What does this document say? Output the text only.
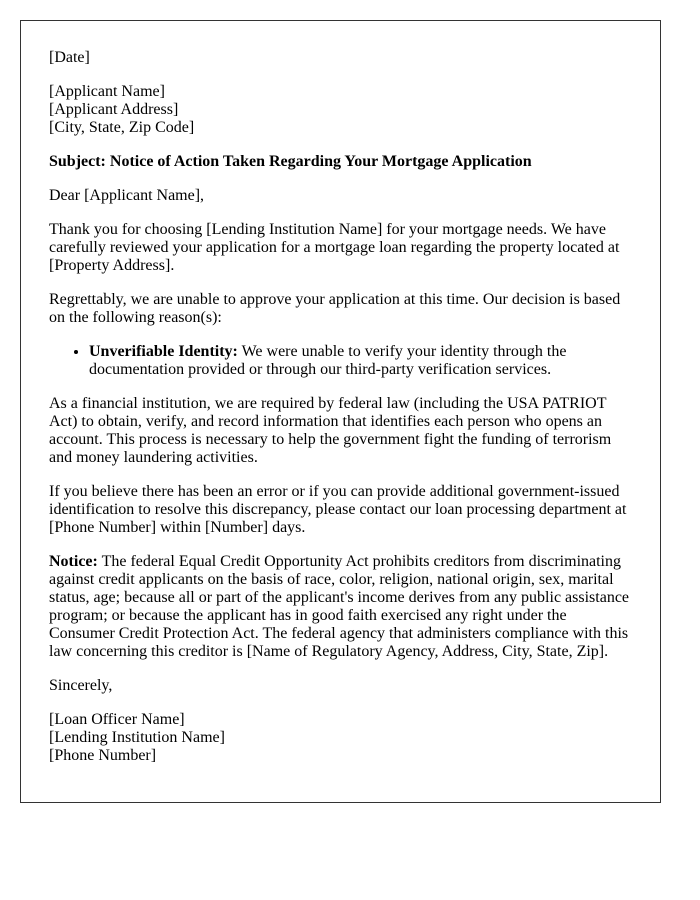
[Date]

[Applicant Name]
[Applicant Address]
[City, State, Zip Code]

Subject: Notice of Action Taken Regarding Your Mortgage Application

Dear [Applicant Name],

Thank you for choosing [Lending Institution Name] for your mortgage needs. We have carefully reviewed your application for a mortgage loan regarding the property located at [Property Address].

Regrettably, we are unable to approve your application at this time. Our decision is based on the following reason(s):

• Unverifiable Identity: We were unable to verify your identity through the documentation provided or through our third-party verification services.

As a financial institution, we are required by federal law (including the USA PATRIOT Act) to obtain, verify, and record information that identifies each person who opens an account. This process is necessary to help the government fight the funding of terrorism and money laundering activities.

If you believe there has been an error or if you can provide additional government-issued identification to resolve this discrepancy, please contact our loan processing department at [Phone Number] within [Number] days.

Notice: The federal Equal Credit Opportunity Act prohibits creditors from discriminating against credit applicants on the basis of race, color, religion, national origin, sex, marital status, age; because all or part of the applicant's income derives from any public assistance program; or because the applicant has in good faith exercised any right under the Consumer Credit Protection Act. The federal agency that administers compliance with this law concerning this creditor is [Name of Regulatory Agency, Address, City, State, Zip].

Sincerely,

[Loan Officer Name]
[Lending Institution Name]
[Phone Number]
